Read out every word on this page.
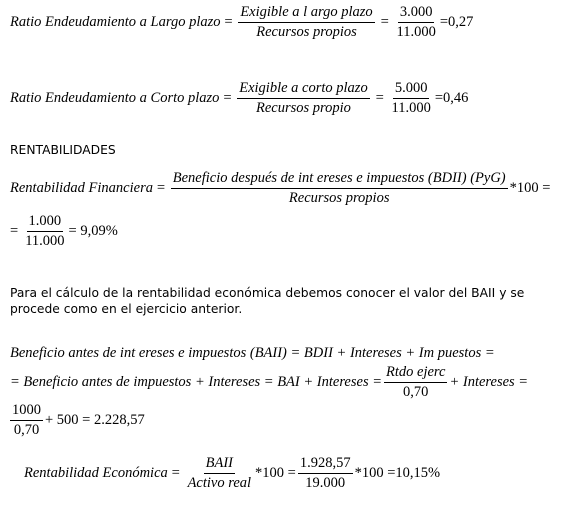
Ratio Endeudamiento a Largo plazo = $\frac{\text{Exigible a l argo plazo}}{\text{Recursos propios}} = \frac{3.000}{11.000} =0,27$
Ratio Endeudamiento a Corto plazo = $\frac{\text{Exigible a corto plazo}}{\text{Recursos propio}} = \frac{5.000}{11.000} =0,46$
RENTABILIDADES
Rentabilidad Financiera = $\frac{\text{Beneficio después de int ereses e impuestos (BDII) (PyG)}}{\text{Recursos propios}} *100$ =
= $\frac{1.000}{11.000} = 9,09\%$
Para el cálculo de la rentabilidad económica debemos conocer el valor del BAII y se procede como en el ejercicio anterior.
Beneficio antes de int ereses e impuestos (BAII) = BDII + Intereses + Im puestos =
= Beneficio antes de impuestos + Intereses = BAI + Intereses = $\frac{\text{Rtdo ejerc}}{0,70}$ + Intereses =
$\frac{1000}{0,70} + 500 = 2.228,57$
Rentabilidad Económica = $\frac{\text{BAII}}{\text{Activo real}} *100 = \frac{1.928,57}{19.000} *100 =10,15\%$
